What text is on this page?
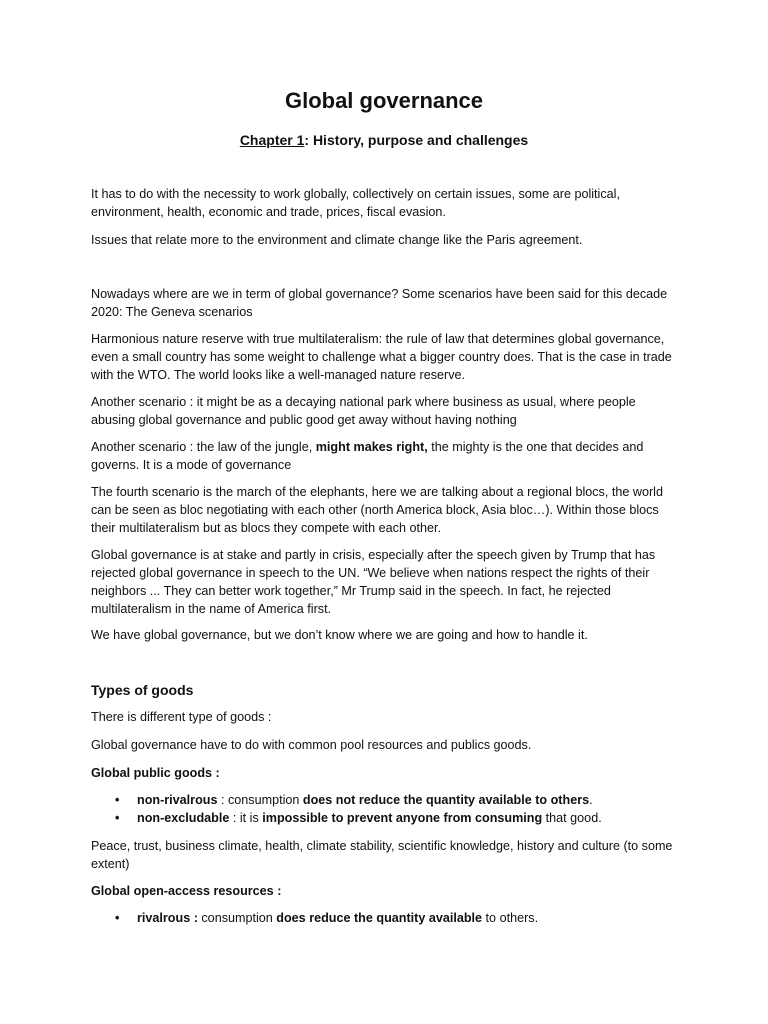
Global governance

Chapter 1: History, purpose and challenges

It has to do with the necessity to work globally, collectively on certain issues, some are political, environment, health, economic and trade, prices, fiscal evasion.

Issues that relate more to the environment and climate change like the Paris agreement.

Nowadays where are we in term of global governance? Some scenarios have been said for this decade 2020: The Geneva scenarios

Harmonious nature reserve with true multilateralism: the rule of law that determines global governance, even a small country has some weight to challenge what a bigger country does. That is the case in trade with the WTO. The world looks like a well-managed nature reserve.

Another scenario : it might be as a decaying national park where business as usual, where people abusing global governance and public good get away without having nothing

Another scenario : the law of the jungle, might makes right, the mighty is the one that decides and governs. It is a mode of governance

The fourth scenario is the march of the elephants, here we are talking about a regional blocs, the world can be seen as bloc negotiating with each other (north America block, Asia bloc…). Within those blocs their multilateralism but as blocs they compete with each other.

Global governance is at stake and partly in crisis, especially after the speech given by Trump that has rejected global governance in speech to the UN. “We believe when nations respect the rights of their neighbors ... They can better work together,” Mr Trump said in the speech. In fact, he rejected multilateralism in the name of America first.

We have global governance, but we don’t know where we are going and how to handle it.

Types of goods

There is different type of goods :

Global governance have to do with common pool resources and publics goods.

Global public goods :

• non-rivalrous : consumption does not reduce the quantity available to others.

• non-excludable : it is impossible to prevent anyone from consuming that good.

Peace, trust, business climate, health, climate stability, scientific knowledge, history and culture (to some extent)

Global open-access resources :

• rivalrous : consumption does reduce the quantity available to others.
